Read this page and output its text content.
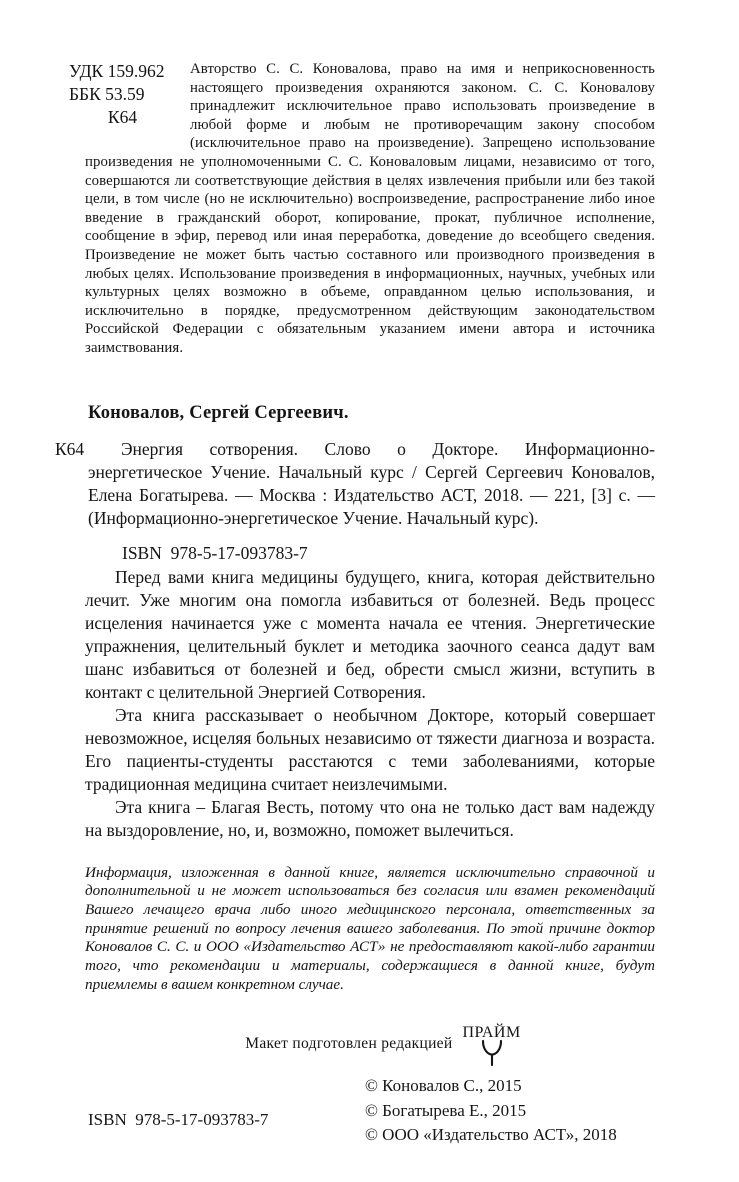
УДК 159.962
ББК 53.59
К64

Авторство С. С. Коновалова, право на имя и неприкосновенность настоящего произведения охраняются законом. С. С. Коновалову принадлежит исключительное право использовать произведение в любой форме и любым не противоречащим закону способом (исключительное право на произведение). Запрещено использование произведения не уполномоченными С. С. Коноваловым лицами, независимо от того, совершаются ли соответствующие действия в целях извлечения прибыли или без такой цели, в том числе (но не исключительно) воспроизведение, распространение либо иное введение в гражданский оборот, копирование, прокат, публичное исполнение, сообщение в эфир, перевод или иная переработка, доведение до всеобщего сведения. Произведение не может быть частью составного или производного произведения в любых целях. Использование произведения в информационных, научных, учебных или культурных целях возможно в объеме, оправданном целью использования, и исключительно в порядке, предусмотренном действующим законодательством Российской Федерации с обязательным указанием имени автора и источника заимствования.

Коновалов, Сергей Сергеевич.

К64 Энергия сотворения. Слово о Докторе. Информационно-энергетическое Учение. Начальный курс / Сергей Сергеевич Коновалов, Елена Богатырева. — Москва : Издательство АСТ, 2018. — 221, [3] с. — (Информационно-энергетическое Учение. Начальный курс).

ISBN  978-5-17-093783-7

Перед вами книга медицины будущего, книга, которая действительно лечит. Уже многим она помогла избавиться от болезней. Ведь процесс исцеления начинается уже с момента начала ее чтения. Энергетические упражнения, целительный буклет и методика заочного сеанса дадут вам шанс избавиться от болезней и бед, обрести смысл жизни, вступить в контакт с целительной Энергией Сотворения.

Эта книга рассказывает о необычном Докторе, который совершает невозможное, исцеляя больных независимо от тяжести диагноза и возраста. Его пациенты-студенты расстаются с теми заболеваниями, которые традиционная медицина считает неизлечимыми.

Эта книга – Благая Весть, потому что она не только даст вам надежду на выздоровление, но, и, возможно, поможет вылечиться.

Информация, изложенная в данной книге, является исключительно справочной и дополнительной и не может использоваться без согласия или взамен рекомендаций Вашего лечащего врача либо иного медицинского персонала, ответственных за принятие решений по вопросу лечения вашего заболевания. По этой причине доктор Коновалов С. С. и ООО «Издательство АСТ» не предоставляют какой-либо гарантии того, что рекомендации и материалы, содержащиеся в данной книге, будут приемлемы в вашем конкретном случае.

Макет подготовлен редакцией
ПРАЙМ
ISBN  978-5-17-093783-7
© Коновалов С., 2015
© Богатырева Е., 2015
© ООО «Издательство АСТ», 2018
